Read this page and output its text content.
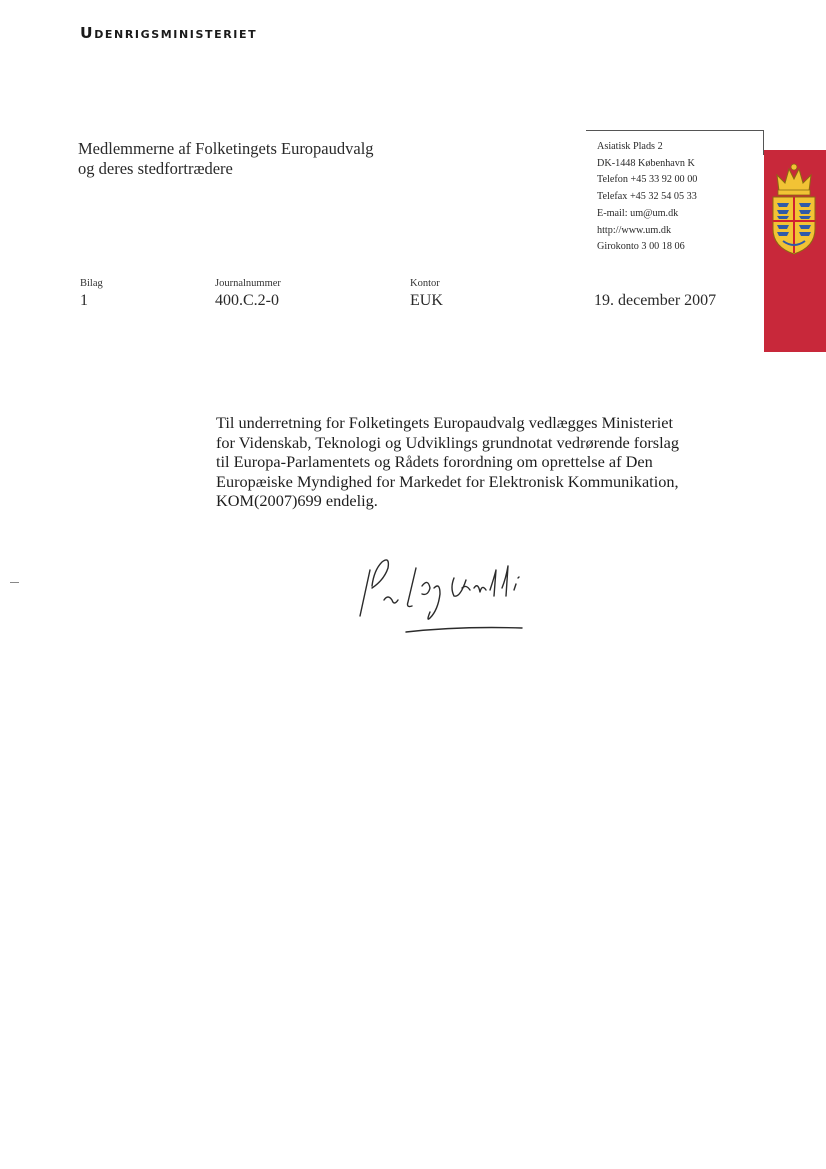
Udenrigsministeriet
Medlemmerne af Folketingets Europaudvalg
og deres stedfortrædere
Asiatisk Plads 2
DK-1448 København K
Telefon +45 33 92 00 00
Telefax +45 32 54 05 33
E-mail: um@um.dk
http://www.um.dk
Girokonto 3 00 18 06
Bilag
1
Journalnummer
400.C.2-0
Kontor
EUK	19. december 2007

Til underretning for Folketingets Europaudvalg vedlægges Ministeriet

for Videnskab, Teknologi og Udviklings grundnotat vedrørende forslag

til Europa-Parlamentets og Rådets forordning om oprettelse af Den

Europæiske Myndighed for Markedet for Elektronisk Kommunikation,

KOM(2007)699 endelig.
